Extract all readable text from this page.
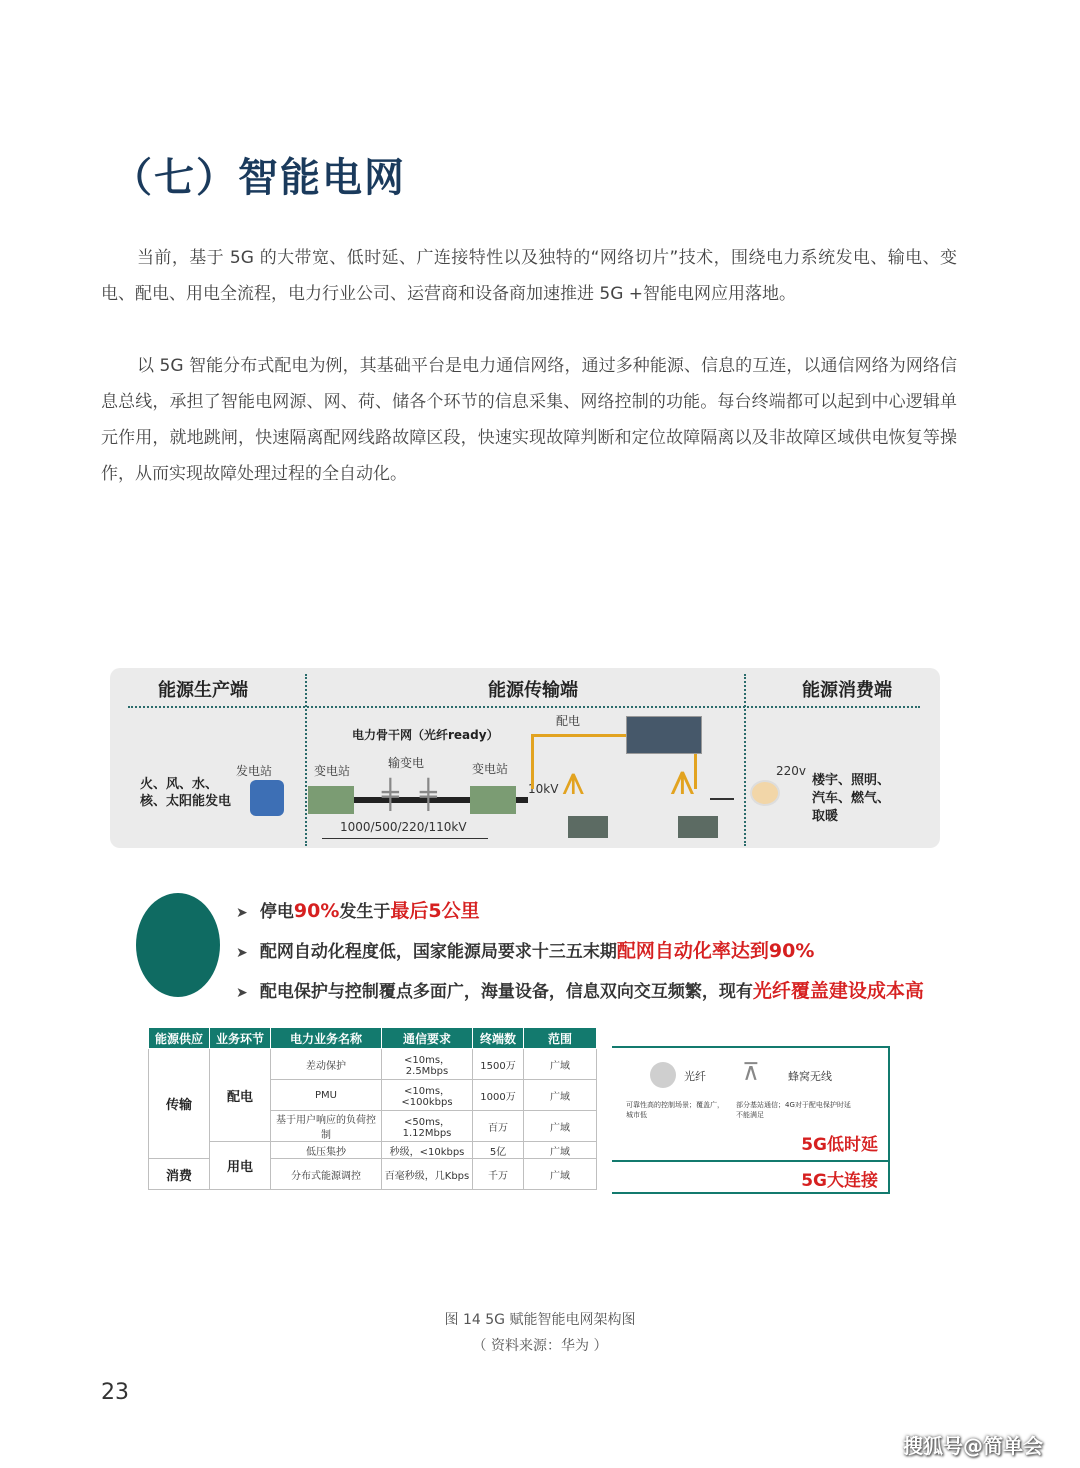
（七）智能电网

当前，基于 5G 的大带宽、低时延、广连接特性以及独特的“网络切片”技术，围绕电力系统发电、输电、变电、配电、用电全流程，电力行业公司、运营商和设备商加速推进 5G +智能电网应用落地。

以 5G 智能分布式配电为例，其基础平台是电力通信网络，通过多种能源、信息的互连，以通信网络为网络信息总线，承担了智能电网源、网、荷、储各个环节的信息采集、网络控制的功能。每台终端都可以起到中心逻辑单元作用，就地跳闸，快速隔离配网线路故障区段，快速实现故障判断和定位故障隔离以及非故障区域供电恢复等操作，从而实现故障处理过程的全自动化。

能源生产端	能源传输端	能源消费端
火、风、水、核、太阳能发电
发电站
电力骨干网（光纤ready）
变电站
输变电	变电站
╪ ╪	10kV
1000/500/220/110kV
配电
⩚ ⩚	220v
楼宇、照明、汽车、燃气、取暖
➤ 停电90%发生于最后5公里
➤ 配网自动化程度低，国家能源局要求十三五末期配网自动化率达到90%
➤ 配电保护与控制覆点多面广，海量设备，信息双向交互频繁，现有光纤覆盖建设成本高
能源供应	业务环节	电力业务名称	通信要求	终端数	范围
传输	配电	差动保护	<10ms，2.5Mbps	1500万	广域
		PMU	<10ms，<100kbps	1000万	广域
		基于用户响应的负荷控制	<50ms，1.12Mbps	百万	广域
	用电	低压集抄	秒级，<10kbps	5亿	广域
消费		分布式能源调控	百毫秒级，几Kbps	千万	广域
光纤 ⊼	蜂窝无线
可靠性高的控制场景；覆盖广，城市低
部分基站通信；4G对于配电保护时延不能满足
5G低时延
5G大连接
图 14 5G 赋能智能电网架构图
（ 资料来源：华为 ）
23
搜狐号@简单会
